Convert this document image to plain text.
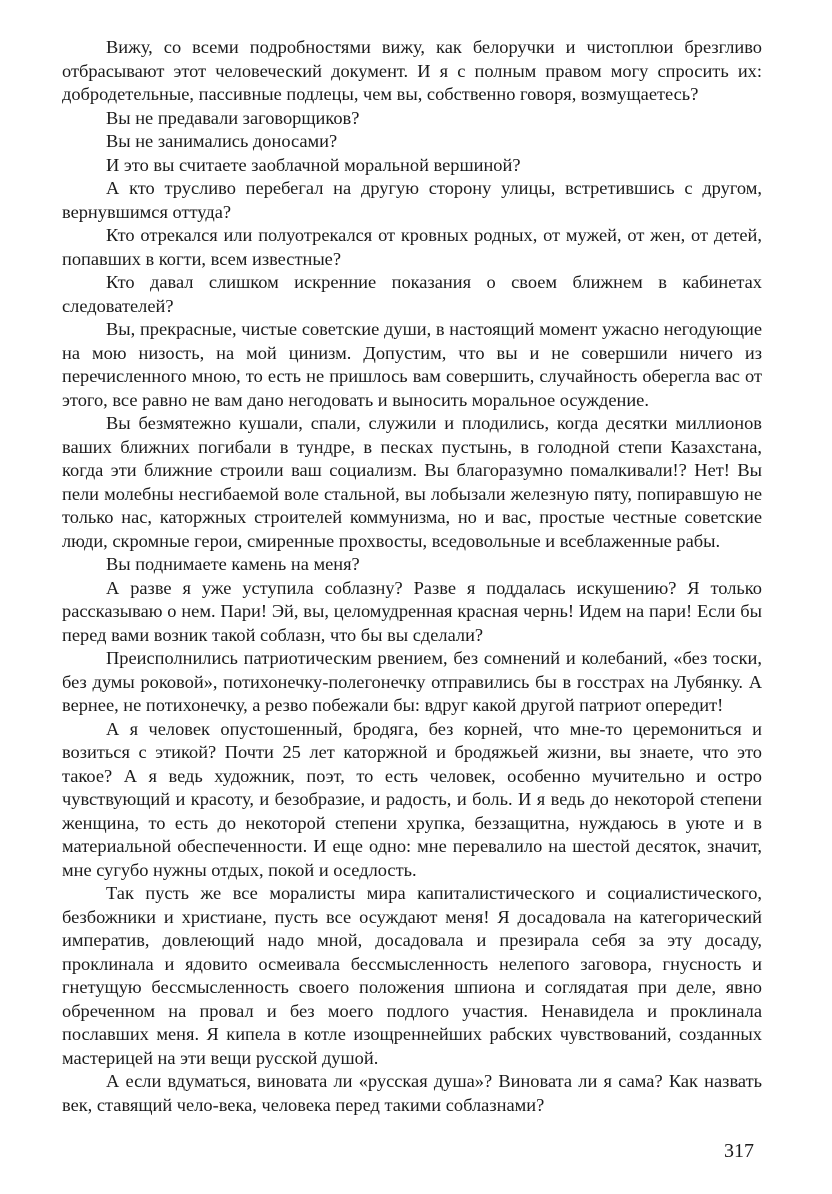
Вижу, со всеми подробностями вижу, как белоручки и чистоплюи брезгливо отбрасывают этот человеческий документ. И я с полным правом могу спросить их: добродетельные, пассивные подлецы, чем вы, собственно говоря, возмущаетесь?

Вы не предавали заговорщиков?

Вы не занимались доносами?

И это вы считаете заоблачной моральной вершиной?

А кто трусливо перебегал на другую сторону улицы, встретившись с другом, вернувшимся оттуда?

Кто отрекался или полуотрекался от кровных родных, от мужей, от жен, от детей, попавших в когти, всем известные?

Кто давал слишком искренние показания о своем ближнем в кабинетах следователей?

Вы, прекрасные, чистые советские души, в настоящий момент ужасно негодующие на мою низость, на мой цинизм. Допустим, что вы и не совершили ничего из перечисленного мною, то есть не пришлось вам совершить, случайность оберегла вас от этого, все равно не вам дано негодовать и выносить моральное осуждение.

Вы безмятежно кушали, спали, служили и плодились, когда десятки миллионов ваших ближних погибали в тундре, в песках пустынь, в голодной степи Казахстана, когда эти ближние строили ваш социализм. Вы благоразумно помалкивали!? Нет! Вы пели молебны несгибаемой воле стальной, вы лобызали железную пяту, попиравшую не только нас, каторжных строителей коммунизма, но и вас, простые честные советские люди, скромные герои, смиренные прохвосты, вседовольные и всеблаженные рабы.

Вы поднимаете камень на меня?

А разве я уже уступила соблазну? Разве я поддалась искушению? Я только рассказываю о нем. Пари! Эй, вы, целомудренная красная чернь! Идем на пари! Если бы перед вами возник такой соблазн, что бы вы сделали?

Преисполнились патриотическим рвением, без сомнений и колебаний, «без тоски, без думы роковой», потихонечку-полегонечку отправились бы в госстрах на Лубянку. А вернее, не потихонечку, а резво побежали бы: вдруг какой другой патриот опередит!

А я человек опустошенный, бродяга, без корней, что мне-то церемониться и возиться с этикой? Почти 25 лет каторжной и бродяжьей жизни, вы знаете, что это такое? А я ведь художник, поэт, то есть человек, особенно мучительно и остро чувствующий и красоту, и безобразие, и радость, и боль. И я ведь до некоторой степени женщина, то есть до некоторой степени хрупка, беззащитна, нуждаюсь в уюте и в материальной обеспеченности. И еще одно: мне перевалило на шестой десяток, значит, мне сугубо нужны отдых, покой и оседлость.

Так пусть же все моралисты мира капиталистического и социалистического, безбожники и христиане, пусть все осуждают меня! Я досадовала на категорический императив, довлеющий надо мной, досадовала и презирала себя за эту досаду, проклинала и ядовито осмеивала бессмысленность нелепого заговора, гнусность и гнетущую бессмысленность своего положения шпиона и соглядатая при деле, явно обреченном на провал и без моего подлого участия. Ненавидела и проклинала пославших меня. Я кипела в котле изощреннейших рабских чувствований, созданных мастерицей на эти вещи русской душой.

А если вдуматься, виновата ли «русская душа»? Виновата ли я сама? Как назвать век, ставящий чело-века, человека перед такими соблазнами?

317
